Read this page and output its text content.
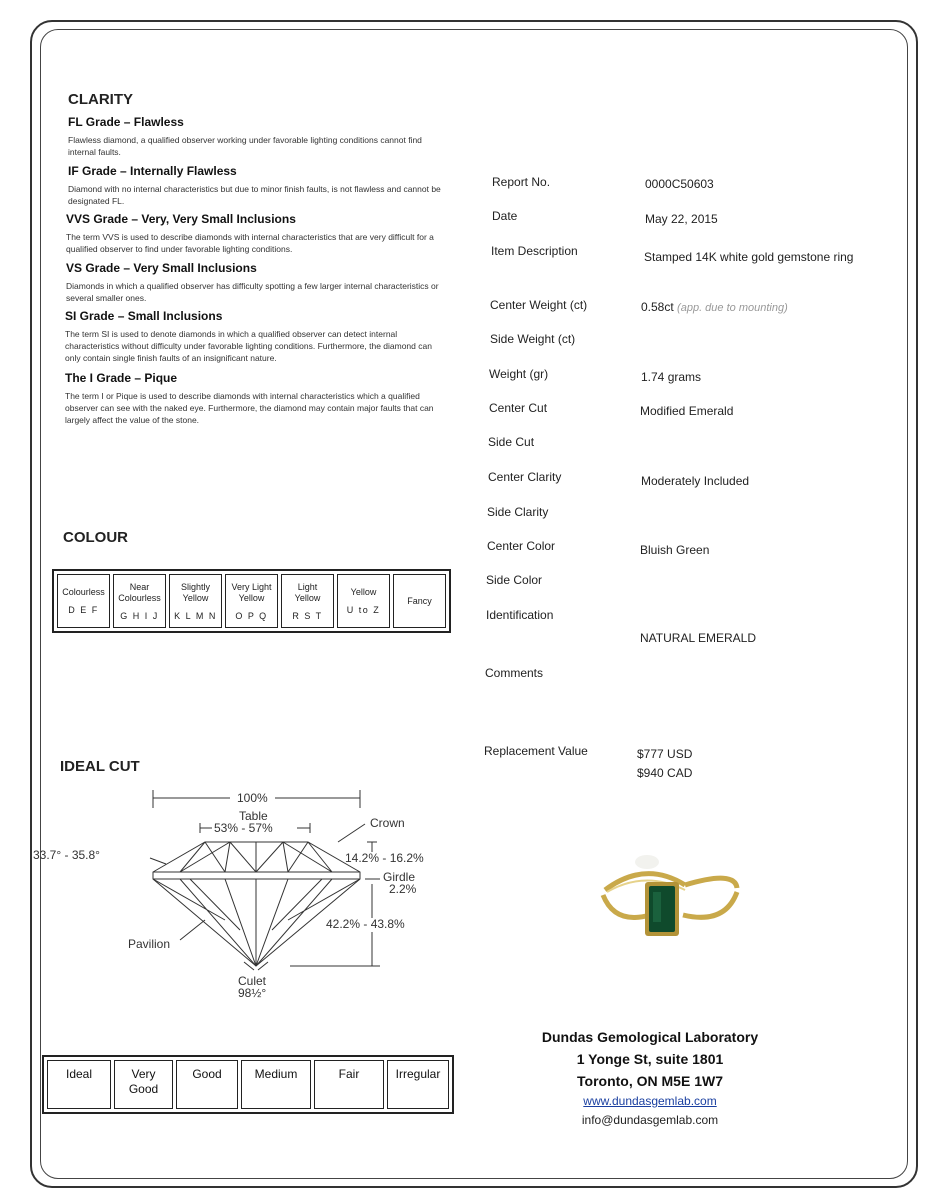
CLARITY
FL Grade – Flawless
Flawless diamond, a qualified observer working under favorable lighting conditions cannot find internal faults.
IF Grade – Internally Flawless
Diamond with no internal characteristics but due to minor finish faults, is not flawless and cannot be designated FL.
VVS Grade – Very, Very Small Inclusions
The term VVS is used to describe diamonds with internal characteristics that are very difficult for a qualified observer to find under favorable lighting conditions.
VS Grade – Very Small Inclusions
Diamonds in which a qualified observer has difficulty spotting a few larger internal characteristics or several smaller ones.
SI Grade – Small Inclusions
The term SI is used to denote diamonds in which a qualified observer can detect internal characteristics without difficulty under favorable lighting conditions. Furthermore, the diamond can only contain single finish faults of an insignificant nature.
The I Grade – Pique
The term I or Pique is used to describe diamonds with internal characteristics which a qualified observer can see with the naked eye. Furthermore, the diamond may contain major faults that can largely affect the value of the stone.
COLOUR
Colourless
D E F

Near Colourless
G H I J

Slightly Yellow
K L M N

Very Light Yellow
O P Q

Light Yellow
R S T

Yellow
U to Z

Fancy
IDEAL CUT
100%
Table
53% - 57%	Crown
33.7° - 35.8°	14.2% - 16.2%
Girdle
2.2%
Pavilion
42.2% - 43.8%
Culet
98½°
Ideal	Very Good	Good	Medium	Fair	Irregular
Report No.	0000C50603
Date	May 22, 2015
Item Description	Stamped 14K white gold gemstone ring
Center Weight (ct)	0.58ct (app. due to mounting)
Side Weight (ct)
Weight (gr)	1.74 grams
Center Cut	Modified Emerald
Side Cut
Center Clarity	Moderately Included
Side Clarity
Center Color	Bluish Green
Side Color
Identification
NATURAL EMERALD
Comments
Replacement Value	$777 USD
$940 CAD
Dundas Gemological Laboratory
1 Yonge St, suite 1801
Toronto, ON M5E 1W7
www.dundasgemlab.com
info@dundasgemlab.com
